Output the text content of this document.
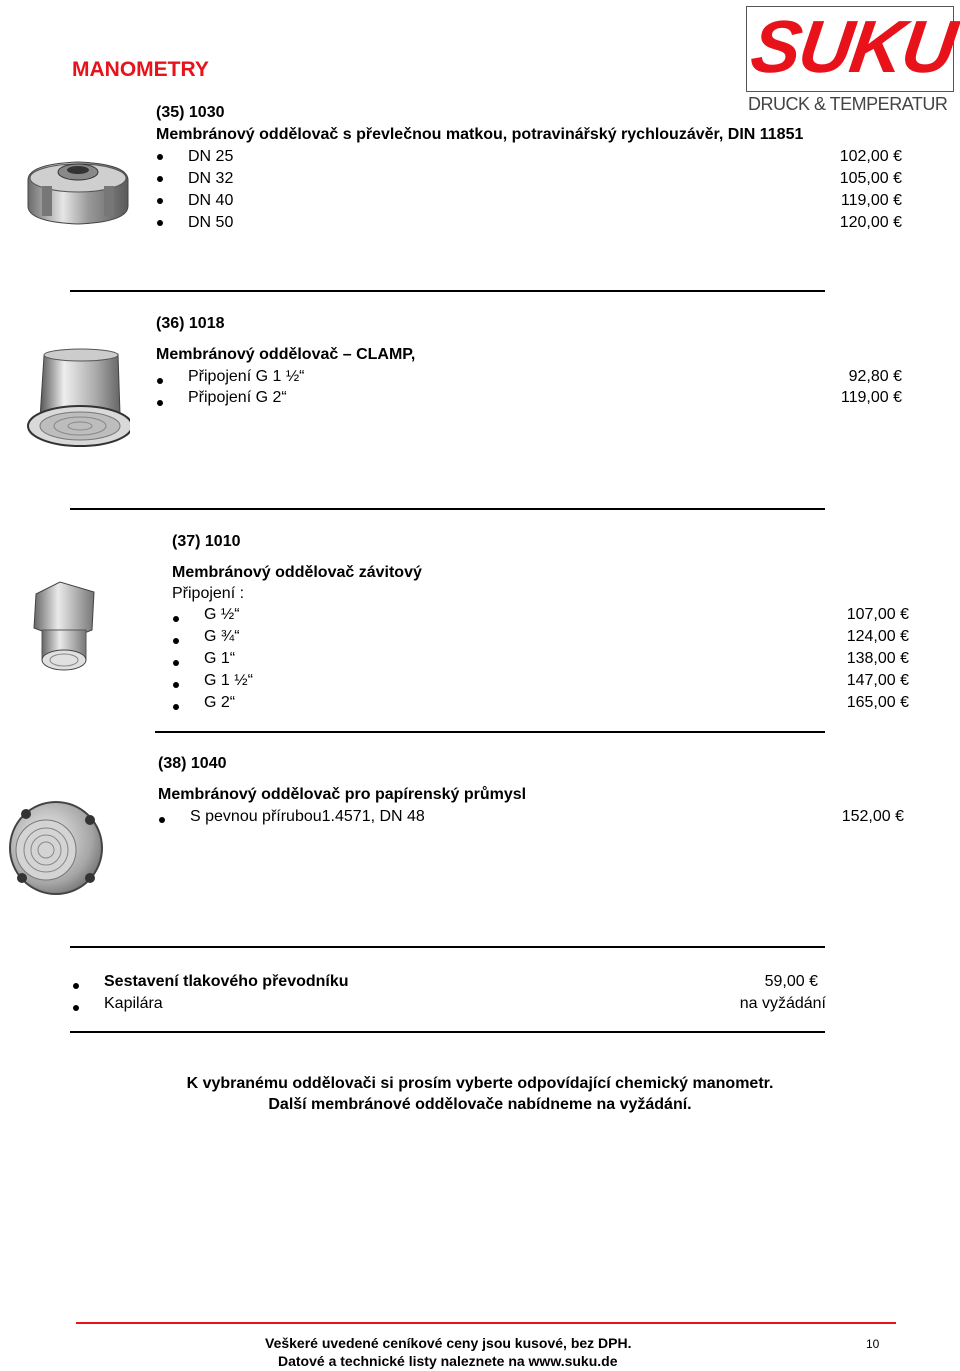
MANOMETRY	SUKU
DRUCK & TEMPERATUR
(35) 1030
Membránový oddělovač s převlečnou matkou, potravinářský rychlouzávěr, DIN 11851
DN 25	102,00 €
DN 32	105,00 €
DN 40	119,00 €
DN 50	120,00 €
(36) 1018
Membránový oddělovač – CLAMP,
Připojení G 1 ½“	92,80 €
Připojení G 2“	119,00 €
(37) 1010
Membránový oddělovač závitový
Připojení :
G ½“	107,00 €
G ¾“	124,00 €
G 1“	138,00 €
G 1 ½“	147,00 €
G 2“	165,00 €
(38) 1040
Membránový oddělovač pro papírenský průmysl
S pevnou přírubou1.4571, DN 48	152,00 €
Sestavení tlakového převodníku	59,00 €
Kapilára	na vyžádání
K vybranému oddělovači si prosím vyberte odpovídající chemický manometr.
Další membránové oddělovače nabídneme na vyžádání.
Veškeré uvedené ceníkové ceny jsou kusové, bez DPH.
Datové a technické listy naleznete na www.suku.de
10
